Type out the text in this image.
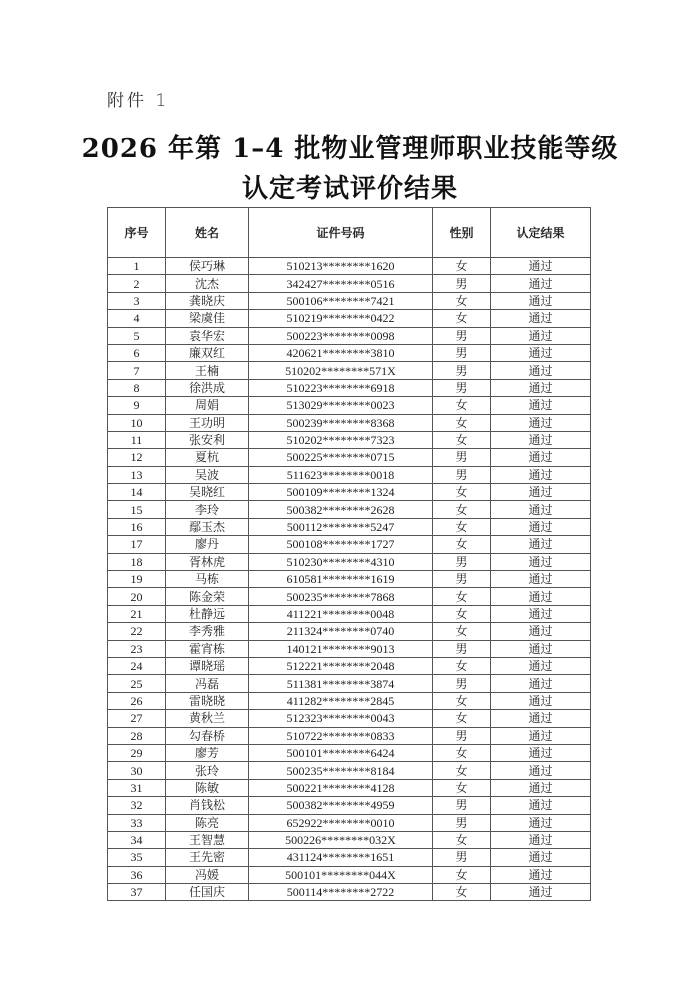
附件 1
2026 年第 1–4 批物业管理师职业技能等级
认定考试评价结果
序号	姓名	证件号码	性别	认定结果
1	侯巧琳	510213********1620	女	通过
2	沈杰	342427********0516	男	通过
3	龚晓庆	500106********7421	女	通过
4	梁虞佳	510219********0422	女	通过
5	袁华宏	500223********0098	男	通过
6	廉双红	420621********3810	男	通过
7	王楠	510202********571X	男	通过
8	徐洪成	510223********6918	男	通过
9	周娟	513029********0023	女	通过
10	王功明	500239********8368	女	通过
11	张安利	510202********7323	女	通过
12	夏杭	500225********0715	男	通过
13	吴波	511623********0018	男	通过
14	吴晓红	500109********1324	女	通过
15	李玲	500382********2628	女	通过
16	鄢玉杰	500112********5247	女	通过
17	廖丹	500108********1727	女	通过
18	胥林虎	510230********4310	男	通过
19	马栋	610581********1619	男	通过
20	陈金荣	500235********7868	女	通过
21	杜静远	411221********0048	女	通过
22	李秀雅	211324********0740	女	通过
23	霍宵栋	140121********9013	男	通过
24	谭晓瑶	512221********2048	女	通过
25	冯磊	511381********3874	男	通过
26	雷晓晓	411282********2845	女	通过
27	黄秋兰	512323********0043	女	通过
28	勾春桥	510722********0833	男	通过
29	廖芳	500101********6424	女	通过
30	张玲	500235********8184	女	通过
31	陈敏	500221********4128	女	通过
32	肖钱松	500382********4959	男	通过
33	陈亮	652922********0010	男	通过
34	王智慧	500226********032X	女	通过
35	王先密	431124********1651	男	通过
36	冯媛	500101********044X	女	通过
37	任国庆	500114********2722	女	通过
